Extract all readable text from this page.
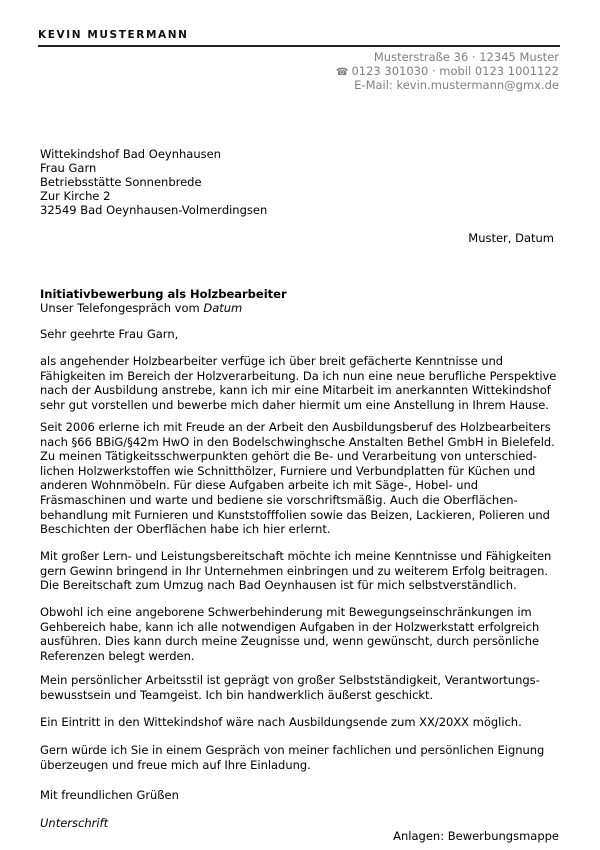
KEVIN MUSTERMANN
Musterstraße 36 · 12345 Muster
☎ 0123 301030 · mobil 0123 1001122
E-Mail: kevin.mustermann@gmx.de
Wittekindshof Bad Oeynhausen
Frau Garn
Betriebsstätte Sonnenbrede
Zur Kirche 2
32549 Bad Oeynhausen-Volmerdingsen
Muster, Datum
Initiativbewerbung als Holzbearbeiter
Unser Telefongespräch vom Datum
Sehr geehrte Frau Garn,
als angehender Holzbearbeiter verfüge ich über breit gefächerte Kenntnisse und
Fähigkeiten im Bereich der Holzverarbeitung. Da ich nun eine neue berufliche Perspektive
nach der Ausbildung anstrebe, kann ich mir eine Mitarbeit im anerkannten Wittekindshof
sehr gut vorstellen und bewerbe mich daher hiermit um eine Anstellung in Ihrem Hause.
Seit 2006 erlerne ich mit Freude an der Arbeit den Ausbildungsberuf des Holzbearbeiters
nach §66 BBiG/§42m HwO in den Bodelschwinghsche Anstalten Bethel GmbH in Bielefeld.
Zu meinen Tätigkeitsschwerpunkten gehört die Be- und Verarbeitung von unterschied-
lichen Holzwerkstoffen wie Schnitthölzer, Furniere und Verbundplatten für Küchen und
anderen Wohnmöbeln. Für diese Aufgaben arbeite ich mit Säge-, Hobel- und
Fräsmaschinen und warte und bediene sie vorschriftsmäßig. Auch die Oberflächen-
behandlung mit Furnieren und Kunststofffolien sowie das Beizen, Lackieren, Polieren und
Beschichten der Oberflächen habe ich hier erlernt.
Mit großer Lern- und Leistungsbereitschaft möchte ich meine Kenntnisse und Fähigkeiten
gern Gewinn bringend in Ihr Unternehmen einbringen und zu weiterem Erfolg beitragen.
Die Bereitschaft zum Umzug nach Bad Oeynhausen ist für mich selbstverständlich.
Obwohl ich eine angeborene Schwerbehinderung mit Bewegungseinschränkungen im
Gehbereich habe, kann ich alle notwendigen Aufgaben in der Holzwerkstatt erfolgreich
ausführen. Dies kann durch meine Zeugnisse und, wenn gewünscht, durch persönliche
Referenzen belegt werden.
Mein persönlicher Arbeitsstil ist geprägt von großer Selbstständigkeit, Verantwortungs-
bewusstsein und Teamgeist. Ich bin handwerklich äußerst geschickt.
Ein Eintritt in den Wittekindshof wäre nach Ausbildungsende zum XX/20XX möglich.
Gern würde ich Sie in einem Gespräch von meiner fachlichen und persönlichen Eignung
überzeugen und freue mich auf Ihre Einladung.
Mit freundlichen Grüßen
Unterschrift
Anlagen: Bewerbungsmappe
